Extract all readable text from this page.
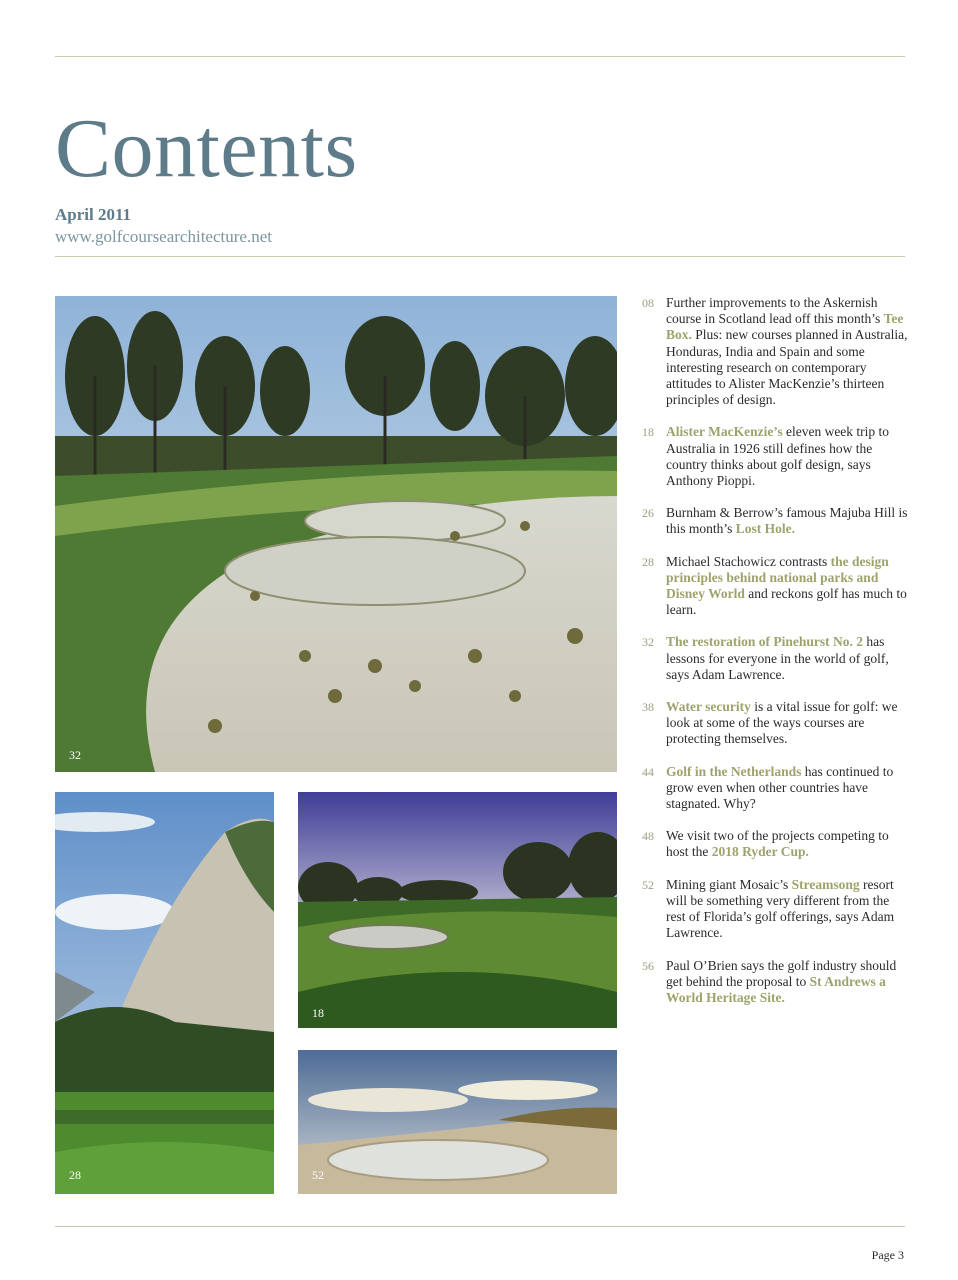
Contents
April 2011
www.golfcoursearchitecture.net
32
28
18
52
08 Further improvements to the Askernish course in Scotland lead off this month’s Tee Box. Plus: new courses planned in Australia, Honduras, India and Spain and some interesting research on contemporary attitudes to Alister MacKenzie’s thirteen principles of design.
18 Alister MacKenzie’s eleven week trip to Australia in 1926 still defines how the country thinks about golf design, says Anthony Pioppi.
26 Burnham & Berrow’s famous Majuba Hill is this month’s Lost Hole.
28 Michael Stachowicz contrasts the design principles behind national parks and Disney World and reckons golf has much to learn.
32 The restoration of Pinehurst No. 2 has lessons for everyone in the world of golf, says Adam Lawrence.
38 Water security is a vital issue for golf: we look at some of the ways courses are protecting themselves.
44 Golf in the Netherlands has continued to grow even when other countries have stagnated. Why?
48 We visit two of the projects competing to host the 2018 Ryder Cup.
52 Mining giant Mosaic’s Streamsong resort will be something very different from the rest of Florida’s golf offerings, says Adam Lawrence.
56 Paul O’Brien says the golf industry should get behind the proposal to St Andrews a World Heritage Site.
Page 3
